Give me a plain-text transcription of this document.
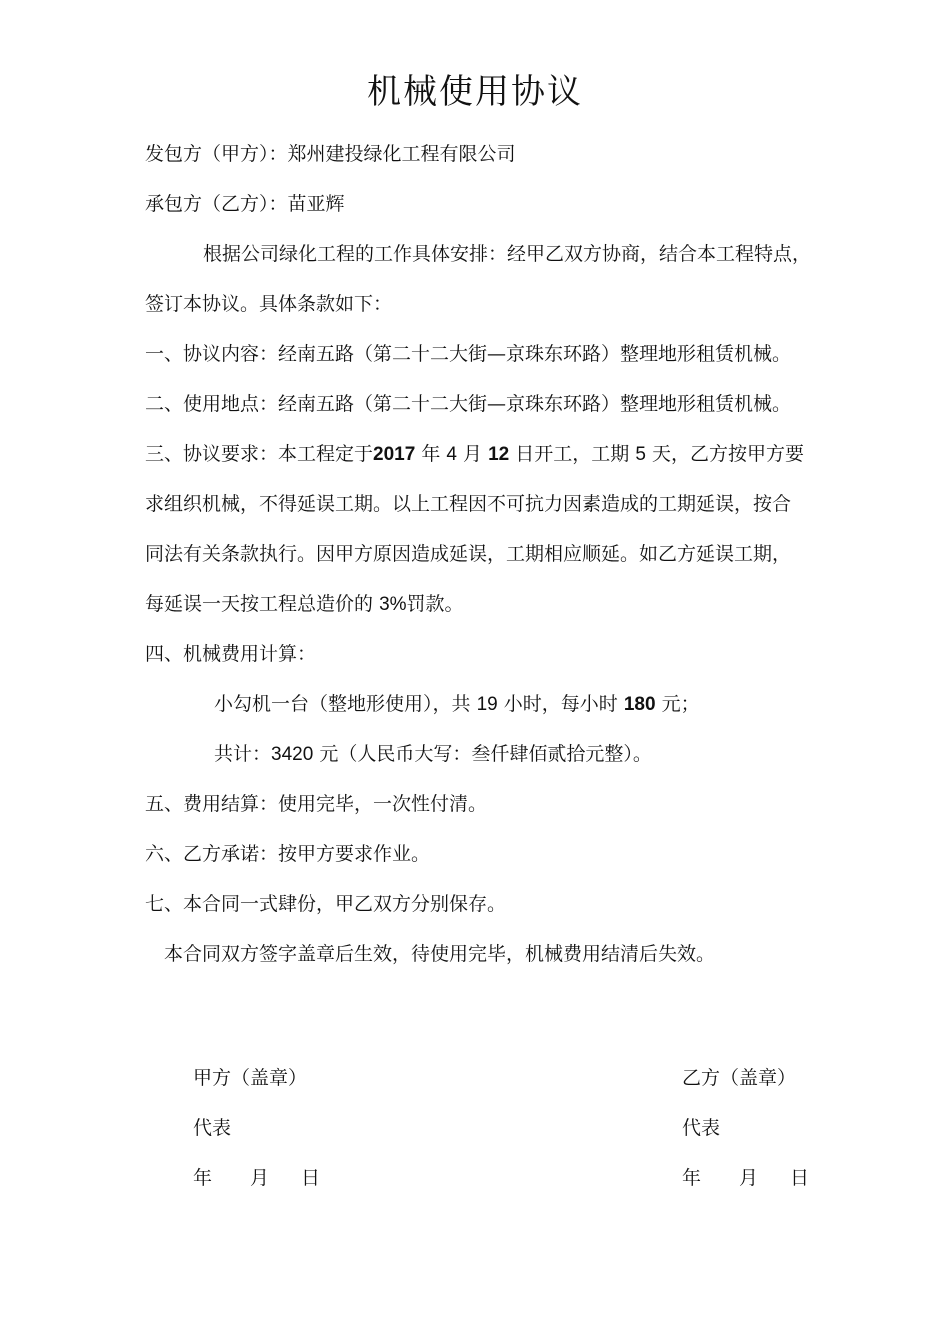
机械使用协议
发包方（甲方）：郑州建投绿化工程有限公司
承包方（乙方）：苗亚辉
根据公司绿化工程的工作具体安排：经甲乙双方协商，结合本工程特点，
签订本协议。具体条款如下：
一、协议内容：经南五路（第二十二大街—京珠东环路）整理地形租赁机械。
二、使用地点：经南五路（第二十二大街—京珠东环路）整理地形租赁机械。
三、协议要求：本工程定于2017 年 4 月 12 日开工，工期 5 天，乙方按甲方要
求组织机械，不得延误工期。以上工程因不可抗力因素造成的工期延误，按合
同法有关条款执行。因甲方原因造成延误，工期相应顺延。如乙方延误工期，
每延误一天按工程总造价的 3%罚款。
四、机械费用计算：
小勾机一台（整地形使用），共 19 小时，每小时 180 元；
共计：3420 元（人民币大写：叁仟肆佰贰拾元整）。
五、费用结算：使用完毕，一次性付清。
六、乙方承诺：按甲方要求作业。
七、本合同一式肆份，甲乙双方分别保存。
本合同双方签字盖章后生效，待使用完毕，机械费用结清后失效。
甲方（盖章）
代表
年 月 日
乙方（盖章）
代表
年 月 日
